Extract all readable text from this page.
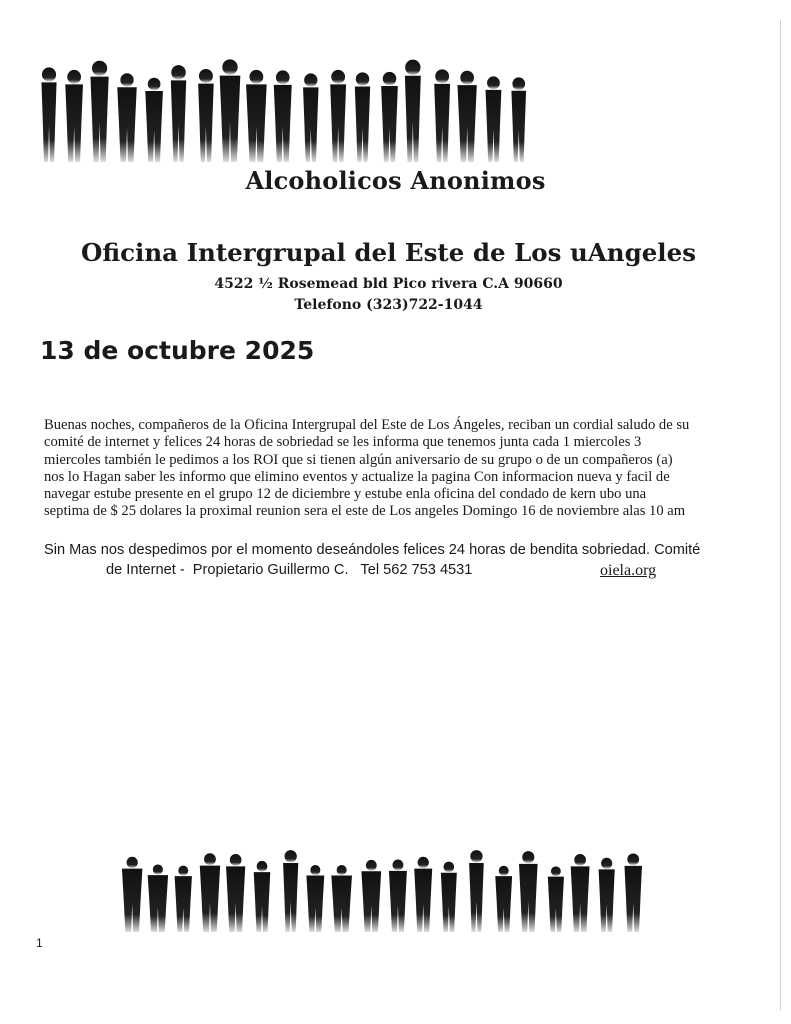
Alcoholicos Anonimos
Oficina Intergrupal del Este de Los uAngeles
4522 ½ Rosemead bld Pico rivera C.A 90660
Telefono (323)722-1044
13 de octubre 2025
Buenas noches, compañeros de la Oficina Intergrupal del Este de Los Ángeles, reciban un cordial saludo de su
comité de internet y felices 24 horas de sobriedad se les informa que tenemos junta cada 1 miercoles 3
miercoles también le pedimos a los ROI que si tienen algún aniversario de su grupo o de un compañeros (a)
nos lo Hagan saber les informo que elimino eventos y actualize la pagina Con informacion nueva y facil de
navegar estube presente en el grupo 12 de diciembre y estube enla oficina del condado de kern ubo una
septima de $ 25 dolares la proximal reunion sera el este de Los angeles Domingo 16 de noviembre alas 10 am
Sin Mas nos despedimos por el momento deseándoles felices 24 horas de bendita sobriedad. Comité
de Internet -  Propietario Guillermo C.   Tel 562 753 4531	oiela.org
1
